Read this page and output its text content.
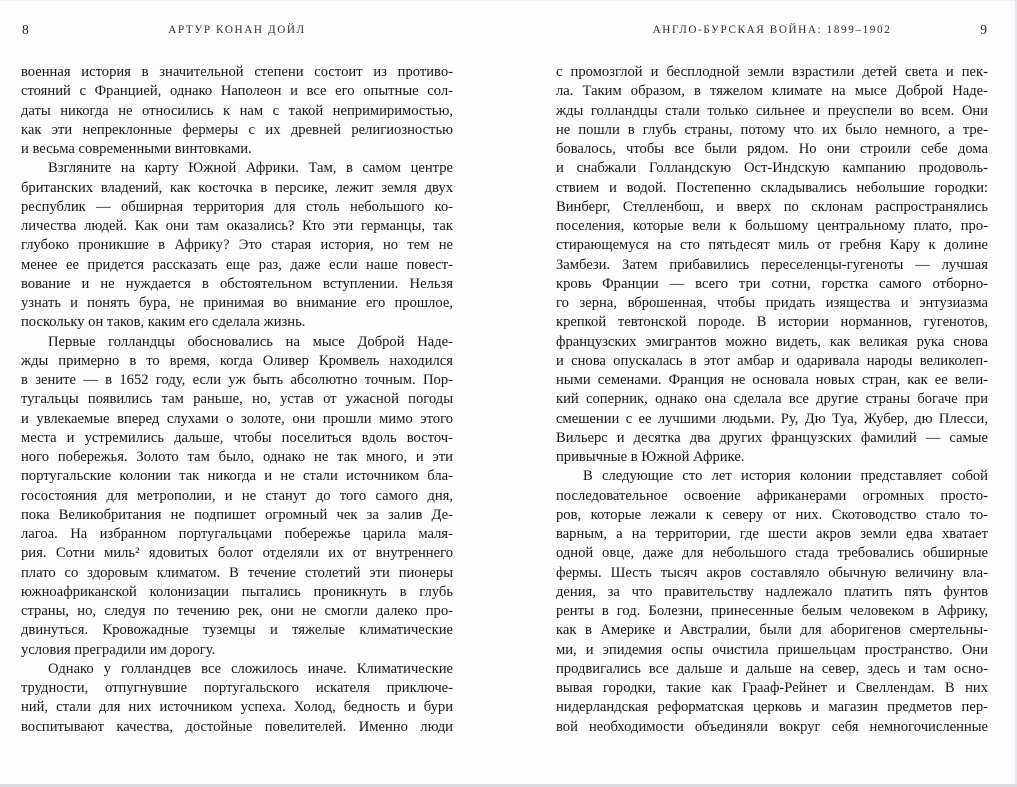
8	АРТУР КОНАН ДОЙЛ
военная история в значительной степени состоит из противо-
стояний с Францией, однако Наполеон и все его опытные сол-
даты никогда не относились к нам с такой непримиримостью,
как эти непреклонные фермеры с их древней религиозностью
и весьма современными винтовками.
Взгляните на карту Южной Африки. Там, в самом центре
британских владений, как косточка в персике, лежит земля двух
республик — обширная территория для столь небольшого ко-
личества людей. Как они там оказались? Кто эти германцы, так
глубоко проникшие в Африку? Это старая история, но тем не
менее ее придется рассказать еще раз, даже если наше повест-
вование и не нуждается в обстоятельном вступлении. Нельзя
узнать и понять бура, не принимая во внимание его прошлое,
поскольку он таков, каким его сделала жизнь.
Первые голландцы обосновались на мысе Доброй Наде-
жды примерно в то время, когда Оливер Кромвель находился
в зените — в 1652 году, если уж быть абсолютно точным. Пор-
тугальцы появились там раньше, но, устав от ужасной погоды
и увлекаемые вперед слухами о золоте, они прошли мимо этого
места и устремились дальше, чтобы поселиться вдоль восточ-
ного побережья. Золото там было, однако не так много, и эти
португальские колонии так никогда и не стали источником бла-
госостояния для метрополии, и не станут до того самого дня,
пока Великобритания не подпишет огромный чек за залив Де-
лагоа. На избранном португальцами побережье царила маля-
рия. Сотни миль² ядовитых болот отделяли их от внутреннего
плато со здоровым климатом. В течение столетий эти пионеры
южноафриканской колонизации пытались проникнуть в глубь
страны, но, следуя по течению рек, они не смогли далеко про-
двинуться. Кровожадные туземцы и тяжелые климатические
условия преградили им дорогу.
Однако у голландцев все сложилось иначе. Климатические
трудности, отпугнувшие португальского искателя приключе-
ний, стали для них источником успеха. Холод, бедность и бури
воспитывают качества, достойные повелителей. Именно люди
АНГЛО-БУРСКАЯ ВОЙНА: 1899–1902	9
с промозглой и бесплодной земли взрастили детей света и пек-
ла. Таким образом, в тяжелом климате на мысе Доброй Наде-
жды голландцы стали только сильнее и преуспели во всем. Они
не пошли в глубь страны, потому что их было немного, а тре-
бовалось, чтобы все были рядом. Но они строили себе дома
и снабжали Голландскую Ост-Индскую кампанию продоволь-
ствием и водой. Постепенно складывались небольшие городки:
Винберг, Стелленбош, и вверх по склонам распространялись
поселения, которые вели к большому центральному плато, про-
стирающемуся на сто пятьдесят миль от гребня Кару к долине
Замбези. Затем прибавились переселенцы-гугеноты — лучшая
кровь Франции — всего три сотни, горстка самого отборно-
го зерна, вброшенная, чтобы придать изящества и энтузиазма
крепкой тевтонской породе. В истории норманнов, гугенотов,
французских эмигрантов можно видеть, как великая рука снова
и снова опускалась в этот амбар и одаривала народы великолеп-
ными семенами. Франция не основала новых стран, как ее вели-
кий соперник, однако она сделала все другие страны богаче при
смешении с ее лучшими людьми. Ру, Дю Туа, Жубер, дю Плесси,
Вильерс и десятка два других французских фамилий — самые
привычные в Южной Африке.
В следующие сто лет история колонии представляет собой
последовательное освоение африканерами огромных просто-
ров, которые лежали к северу от них. Скотоводство стало то-
варным, а на территории, где шести акров земли едва хватает
одной овце, даже для небольшого стада требовались обширные
фермы. Шесть тысяч акров составляло обычную величину вла-
дения, за что правительству надлежало платить пять фунтов
ренты в год. Болезни, принесенные белым человеком в Африку,
как в Америке и Австралии, были для аборигенов смертельны-
ми, и эпидемия оспы очистила пришельцам пространство. Они
продвигались все дальше и дальше на север, здесь и там осно-
вывая городки, такие как Грааф-Рейнет и Свеллендам. В них
нидерландская реформатская церковь и магазин предметов пер-
вой необходимости объединяли вокруг себя немногочисленные
